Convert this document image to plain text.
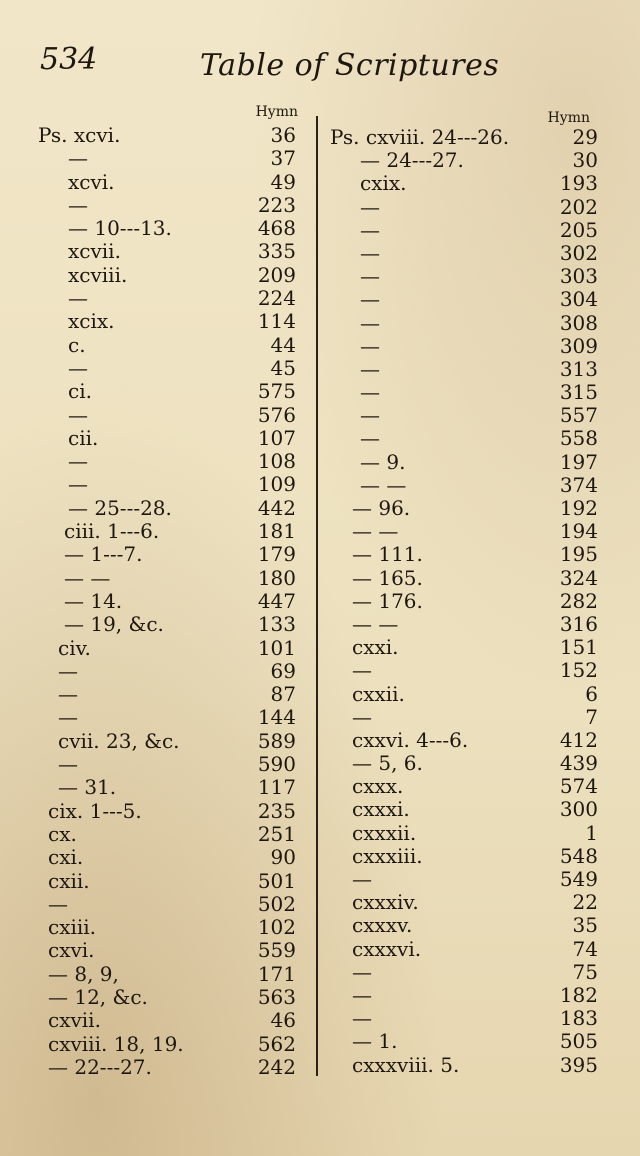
534	Table of Scriptures
Hymn
Ps. xcvi.	36
—	37
xcvi.	49
—	223
— 10---13.	468
xcvii.	335
xcviii.	209
—	224
xcix.	114
c.	44
—	45
ci.	575
—	576
cii.	107
—	108
—	109
— 25---28.	442
ciii. 1---6.	181
— 1---7.	179
— —	180
— 14.	447
— 19, &c.	133
civ.	101
—	69
—	87
—	144
cvii. 23, &c.	589
—	590
— 31.	117
cix. 1---5.	235
cx.	251
cxi.	90
cxii.	501
—	502
cxiii.	102
cxvi.	559
— 8, 9,	171
— 12, &c.	563
cxvii.	46
cxviii. 18, 19.	562
— 22---27.	242
Hymn
Ps. cxviii. 24---26.	29
— 24---27.	30
cxix.	193
—	202
—	205
—	302
—	303
—	304
—	308
—	309
—	313
—	315
—	557
—	558
— 9.	197
— —	374
— 96.	192
— —	194
— 111.	195
— 165.	324
— 176.	282
— —	316
cxxi.	151
—	152
cxxii.	6
—	7
cxxvi. 4---6.	412
— 5, 6.	439
cxxx.	574
cxxxi.	300
cxxxii.	1
cxxxiii.	548
—	549
cxxxiv.	22
cxxxv.	35
cxxxvi.	74
—	75
—	182
—	183
— 1.	505
cxxxviii. 5.	395
